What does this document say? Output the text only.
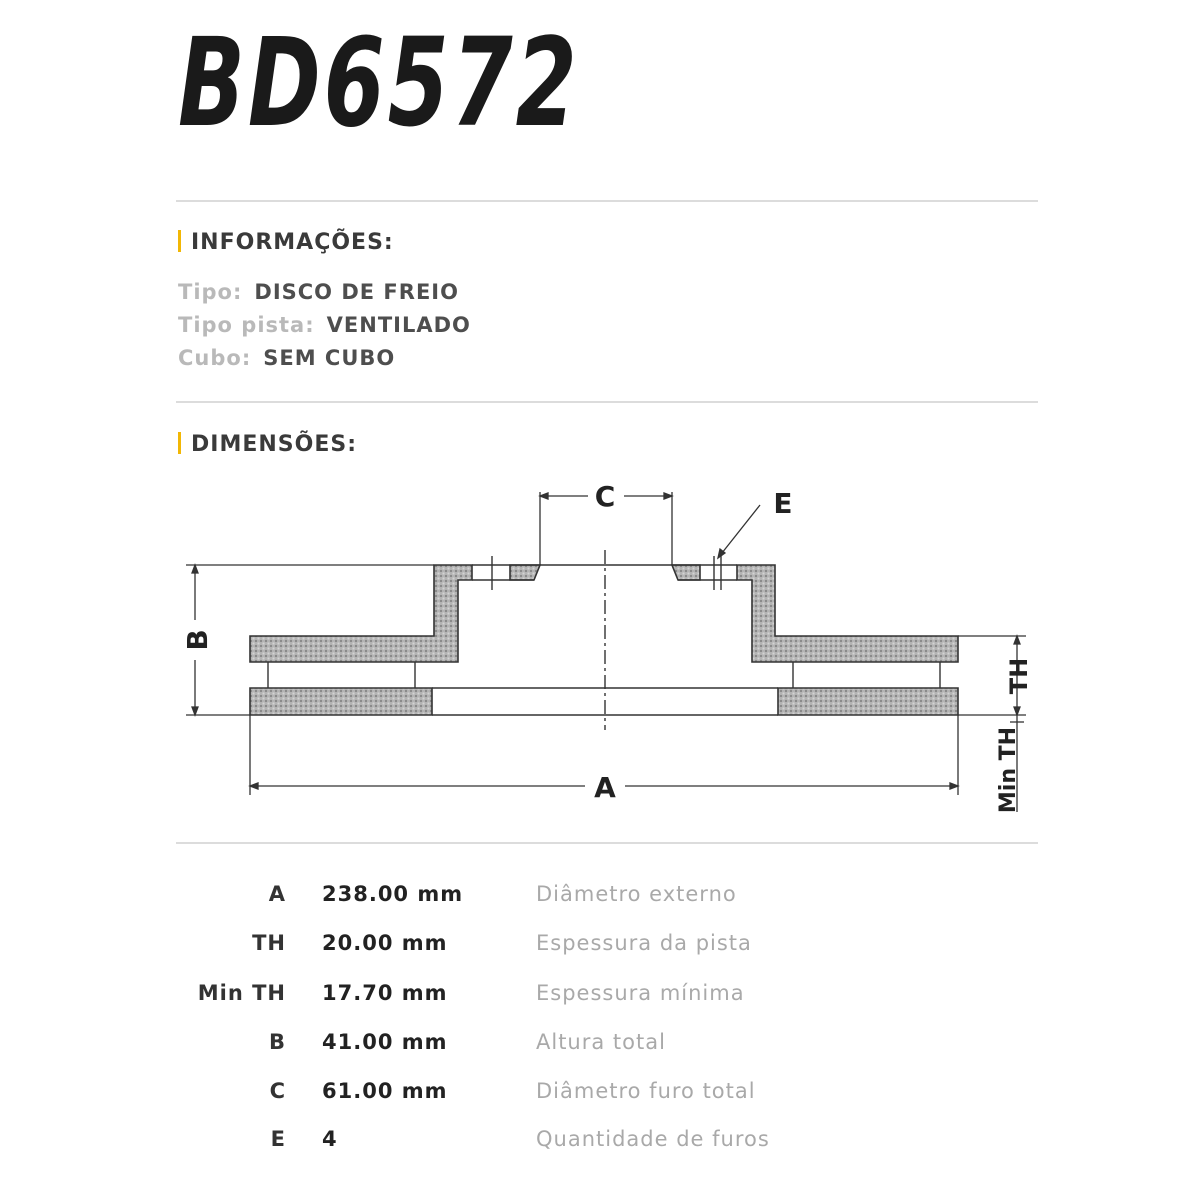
BD6572
INFORMAÇÕES:
Tipo: DISCO DE FREIO
Tipo pista: VENTILADO
Cubo: SEM CUBO
DIMENSÕES:
C	E
B
A
TH
Min TH
A 238.00 mm	Diâmetro externo
TH 20.00 mm	Espessura da pista
Min TH 17.70 mm	Espessura mínima
B 41.00 mm	Altura total
C 61.00 mm	Diâmetro furo total
E 4	Quantidade de furos
